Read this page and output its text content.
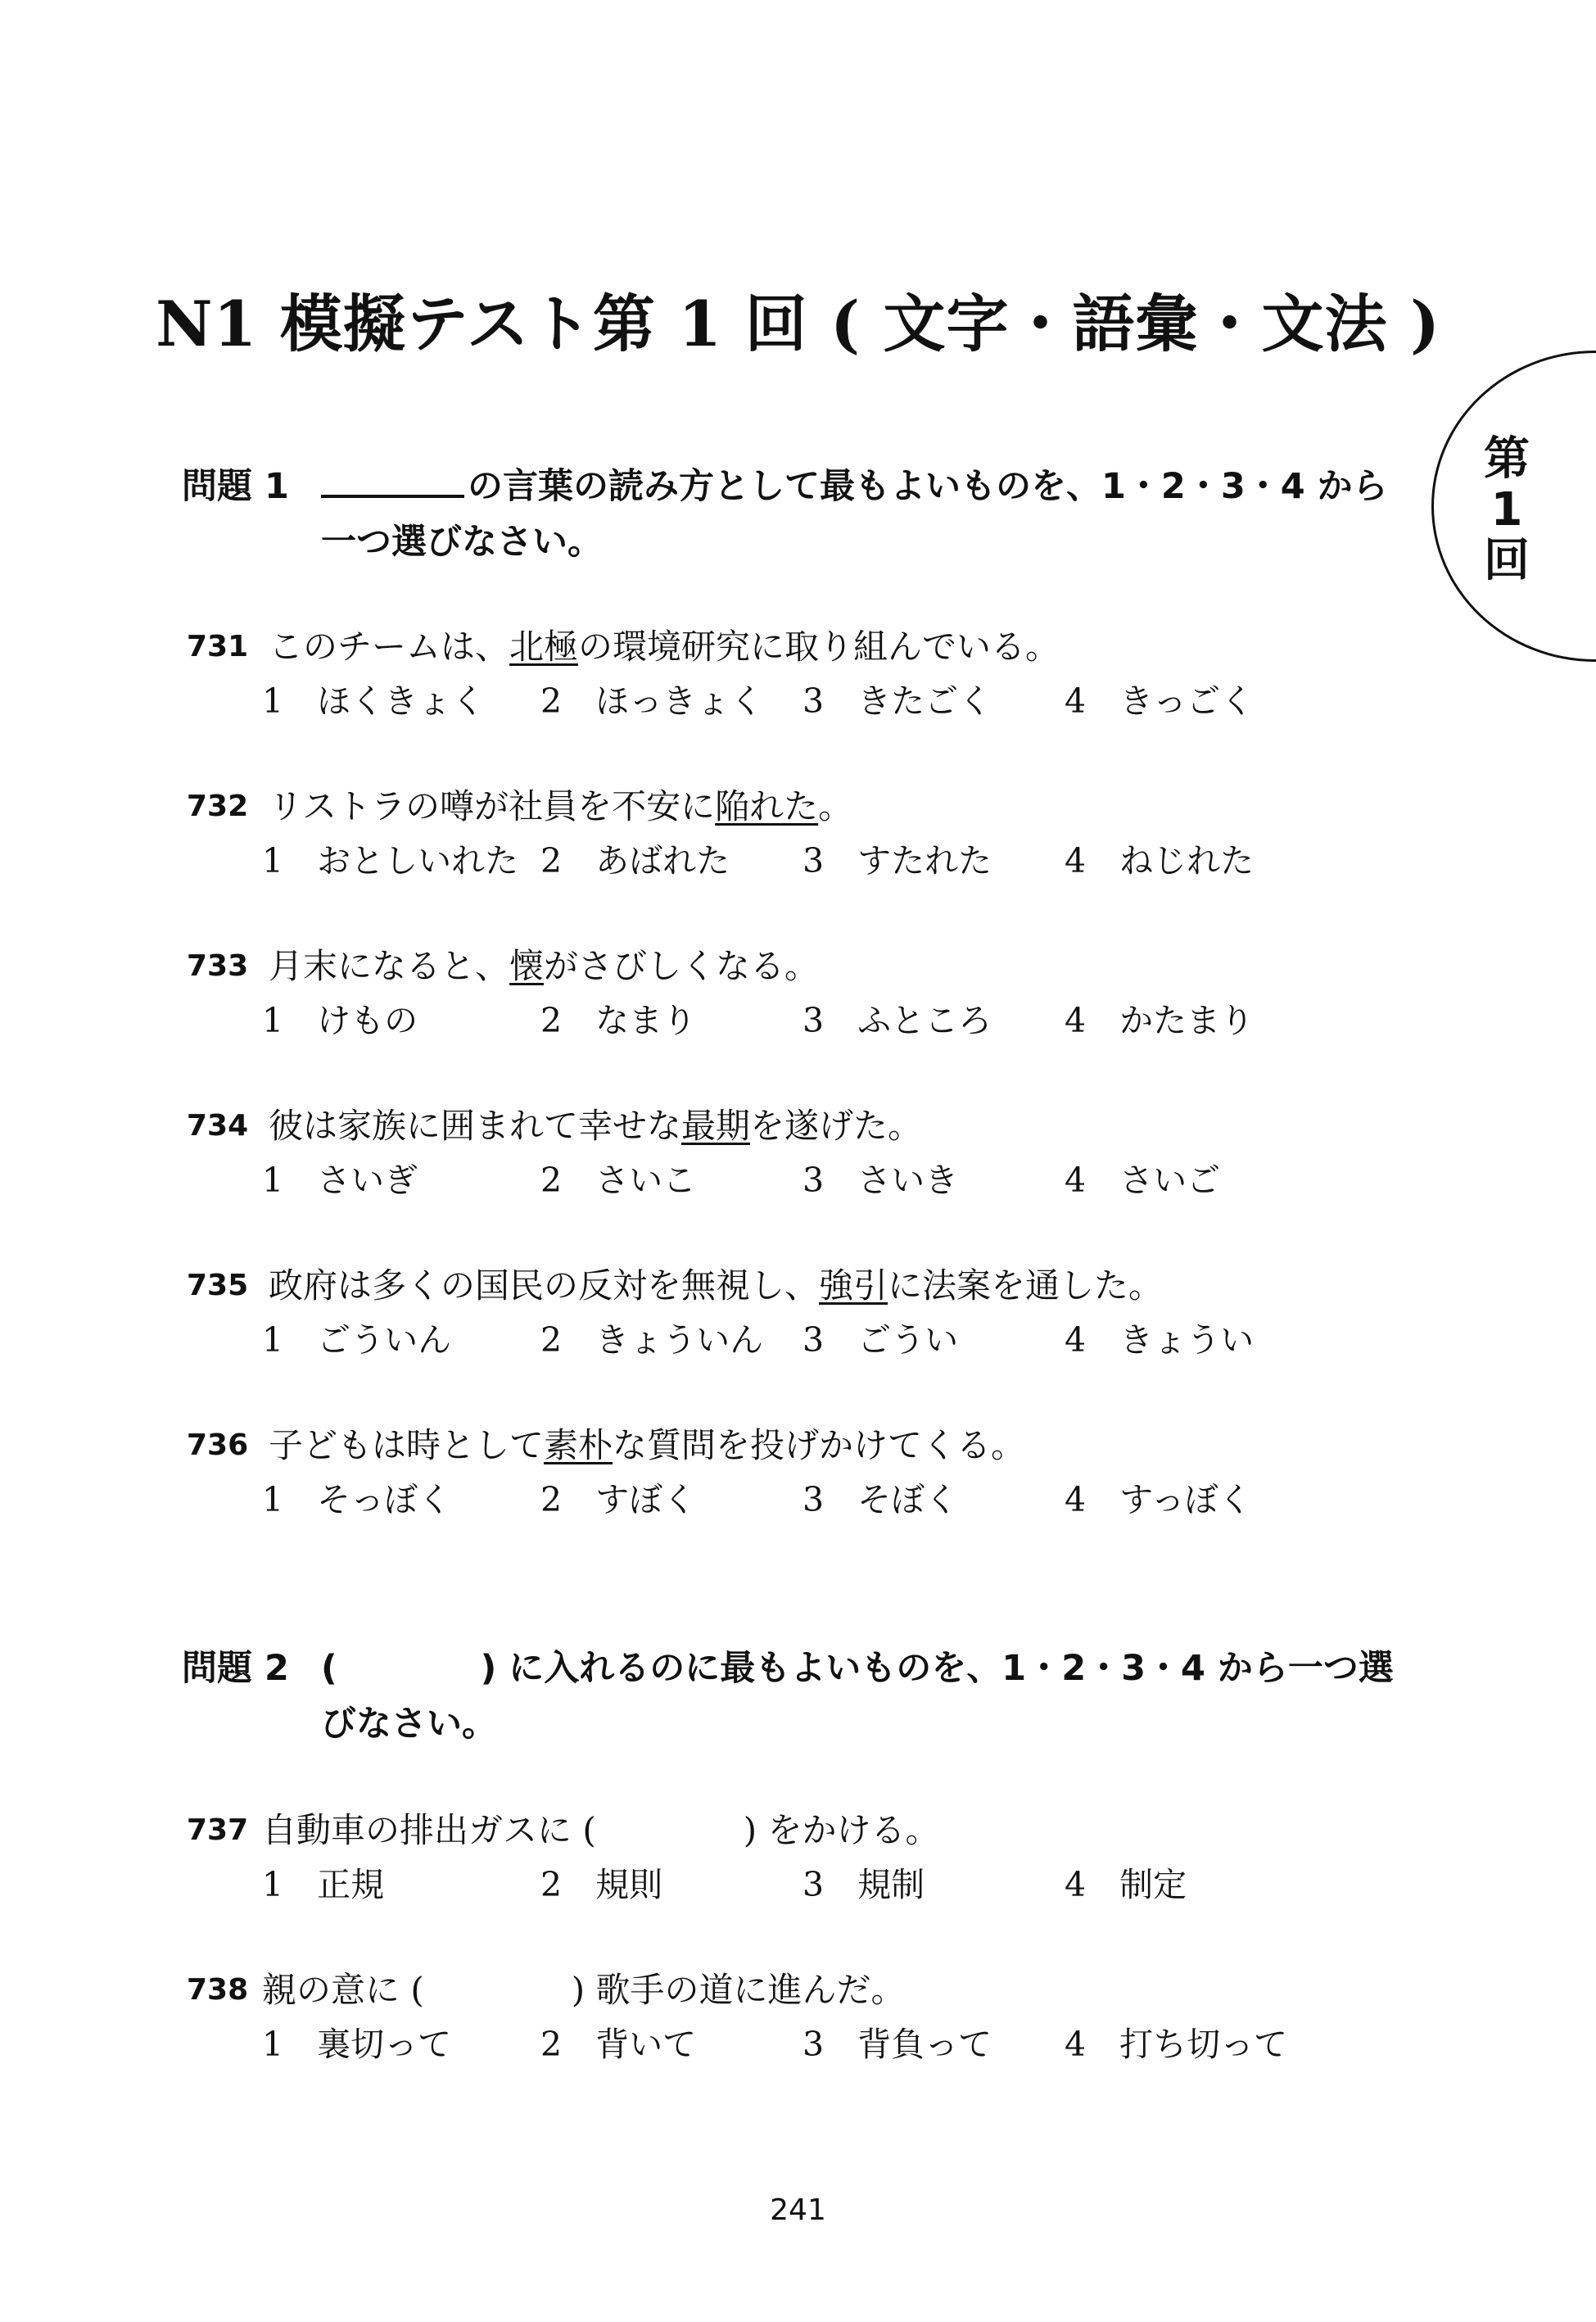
N1 模擬テスト第 1 回 ( 文字・語彙・文法 )
第
1
回
問題 1	の言葉の読み方として最もよいものを、1・2・3・4 から一つ選びなさい。
731 このチームは、北極の環境研究に取り組んでいる。
1　ほくきょく 2　ほっきょく 3　きたごく 4　きっごく
732 リストラの噂が社員を不安に陥れた。
1　おとしいれた 2　あばれた 3　すたれた 4　ねじれた
733 月末になると、懐がさびしくなる。
1　けもの	2　なまり	3　ふところ 4　かたまり
734 彼は家族に囲まれて幸せな最期を遂げた。
1　さいぎ	2　さいこ	3　さいき	4　さいご
735 政府は多くの国民の反対を無視し、強引に法案を通した。
1　ごういん	2　きょういん 3　ごうい	4　きょうい
736 子どもは時として素朴な質問を投げかけてくる。
1　そっぼく	2　すぼく	3　そぼく	4　すっぼく
問題 2 (	) に入れるのに最もよいものを、1・2・3・4 から一つ選びなさい。
737 自動車の排出ガスに (	) をかける。
1　正規	2　規則	3　規制	4　制定
738 親の意に (	) 歌手の道に進んだ。
1　裏切って	2　背いて	3　背負って 4　打ち切って
241
